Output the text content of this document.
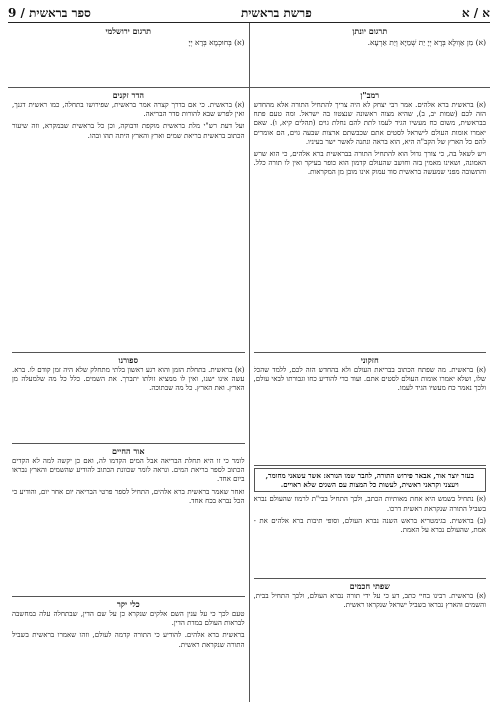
א / א
פרשת בראשית
ספר בראשית / 9
תרגום יונתן
(א) מִן אַוְולָא בְּרָא יְיָ יַת שְׁמַיָא וְיַת אַרְעָא.
תרגום ירושלמי
(א) בְּחוּכְמָא בְּרָא יְיָ
רמב"ן

(א) בראשית ברא אלהים. אמר רבי יצחק לא היה צריך להתחיל התורה אלא מהחדש הזה לכם (שמות יב, ב), שהיא מצוה ראשונה שנצטוו בה ישראל. ומה טעם פתח בבראשית, משום כח מעשיו הגיד לעמו לתת להם נחלת גוים (תהלים קיא, ו). שאם יאמרו אומות העולם לישראל לסטים אתם שכבשתם ארצות שבעה גוים, הם אומרים להם כל הארץ של הקב"ה היא, הוא בראה ונתנה לאשר ישר בעיניו.

ויש לשאל בה, כי צורך גדול הוא להתחיל התורה בבראשית ברא אלהים, כי הוא שרש האמונה, ושאינו מאמין בזה וחושב שהעולם קדמון הוא כופר בעיקר ואין לו תורה כלל. והתשובה מפני שמעשה בראשית סוד עמוק אינו מובן מן המקראות.

חזקוני

(א) בראשית. מה שפתח הכתוב בבריאת העולם ולא בהחדש הזה לכם, ללמד שהכל שלו, ושלא יאמרו אומות העולם לסטים אתם. ועוד כדי להודיע כחו וגבורתו לבאי עולם, ולכך נאמר כח מעשיו הגיד לעמו.

בעזר יוצר אור, אבאר פירוש התורה, לחבר שמו הנורא: אשר עשאני מחומר, ויעצני וקראני ראשית, לעשות כל המצות עם השגים שלא ראויים.

(א) נתחיל בשמש היא אחת מאותיות הכתב, ולכך התחיל בבי"ת לרמוז שהעולם נברא בשביל התורה שנקראת ראשית דרכו.

(ב) בראשית. בגימטריא בראש השנה נברא העולם, וסופי תיבות ברא אלהים את - אמת, שהעולם נברא על האמת.

שפתי חכמים

(א) בראשית. רבינו בחיי כתב, דע כי על ידי תורה נברא העולם, ולכך התחיל בבית, והשמים והארץ נבראו בשביל ישראל שנקראו ראשית.

הדר זקנים

(א) בראשית. כי אם בדרך קצרה אמר בראשית, שפירושו בתחלה, כמו ראשית דגנך, ואין לפרש שבא להורות סדר הבריאה.

ועל דעת רש"י מלת בראשית מוקפת ודבוקה, וכן כל בראשית שבמקרא, וזה שיעור הכתוב בראשית בריאת שמים וארץ והארץ היתה תהו ובהו.

ספורנו

(א) בראשית. בתחלת הזמן והוא רגע ראשון בלתי מתחלק שלא היה זמן קודם לו. ברא. עשה אינו ישנו, ואין לו ממציא זולתו יתברך. את השמים. כלל כל מה שלמעלה מן הארץ. ואת הארץ. כל מה שבתוכה.

אור החיים

לומר כי זו היא תחלת הבריאה אבל המים הקדמו לה, ואם כן יקשה למה לא הקדים הכתוב לספר בריאת המים. ונראה לומר שכוונת הכתוב להודיע שהשמים והארץ נבראו ביום אחד.

ואחר שאמר בראשית ברא אלהים, התחיל לספר פרטי הבריאה יום אחר יום, והודיע כי הכל נברא בכח אחד.

כלי יקר

טעם לכך כי על ענין השם אלקים שנקרא כן על שם הדין, שבתחלה עלה במחשבה לבראות העולם במדת הדין.

בראשית ברא אלהים. להודיע כי התורה קדמה לעולם, וזהו שאמרו בראשית בשביל התורה שנקראת ראשית.
